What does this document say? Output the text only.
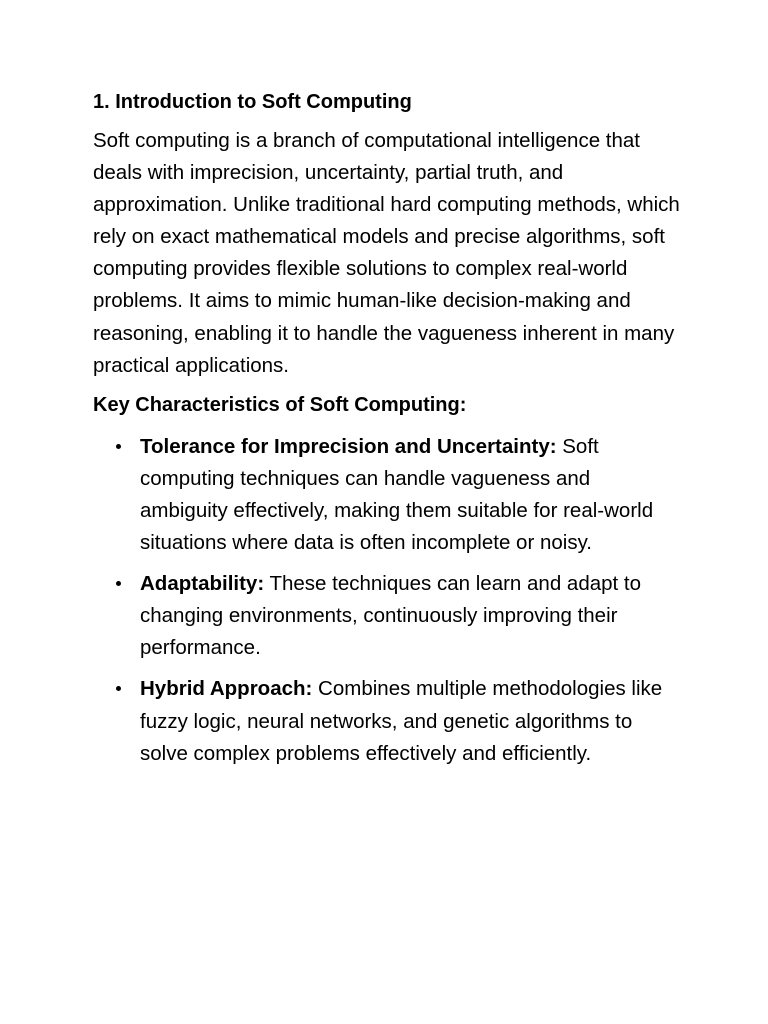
1. Introduction to Soft Computing
Soft computing is a branch of computational intelligence that deals with imprecision, uncertainty, partial truth, and approximation. Unlike traditional hard computing methods, which rely on exact mathematical models and precise algorithms, soft computing provides flexible solutions to complex real-world problems. It aims to mimic human-like decision-making and reasoning, enabling it to handle the vagueness inherent in many practical applications.
Key Characteristics of Soft Computing:
Tolerance for Imprecision and Uncertainty: Soft computing techniques can handle vagueness and ambiguity effectively, making them suitable for real-world situations where data is often incomplete or noisy.
Adaptability: These techniques can learn and adapt to changing environments, continuously improving their performance.
Hybrid Approach: Combines multiple methodologies like fuzzy logic, neural networks, and genetic algorithms to solve complex problems effectively and efficiently.
